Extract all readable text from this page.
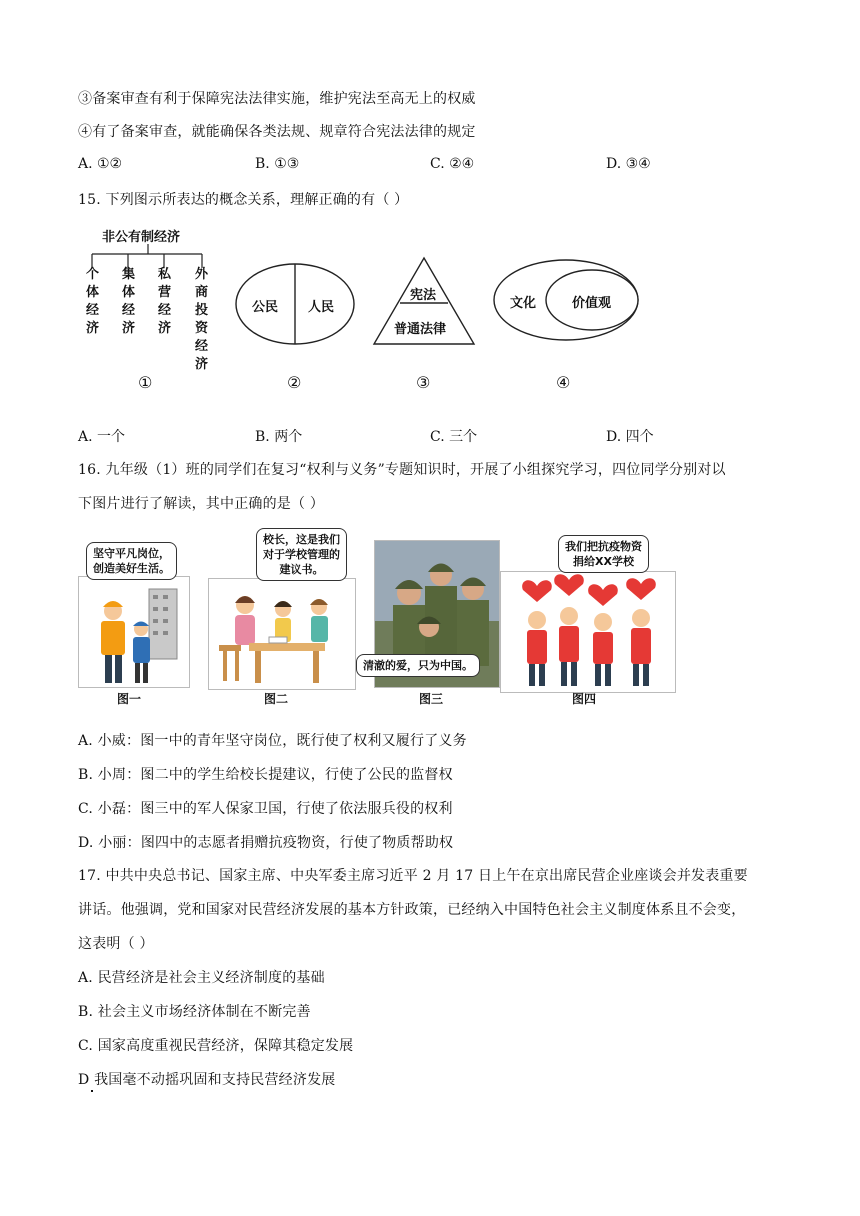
③备案审查有利于保障宪法法律实施，维护宪法至高无上的权威
④有了备案审查，就能确保各类法规、规章符合宪法法律的规定
A. ①②	B. ①③	C. ②④	D. ③④
15. 下列图示所表达的概念关系，理解正确的有（ ）
非公有制经济
个体经济
集体经济
私营经济
外商投资经济
①
公民 人民
②
宪法
普通法律
③
文化	价值观
④
A. 一个	B. 两个	C. 三个	D. 四个
16. 九年级（1）班的同学们在复习“权利与义务”专题知识时，开展了小组探究学习，四位同学分别对以
下图片进行了解读，其中正确的是（ ）
坚守平凡岗位，
创造美好生活。
图一
校长，这是我们
对于学校管理的
建议书。
图二
清澈的爱，只为中国。
图三
我们把抗疫物资
捐给XX学校
图四
A. 小威：图一中的青年坚守岗位，既行使了权利又履行了义务
B. 小周：图二中的学生给校长提建议，行使了公民的监督权
C. 小磊：图三中的军人保家卫国，行使了依法服兵役的权利
D. 小丽：图四中的志愿者捐赠抗疫物资，行使了物质帮助权
17. 中共中央总书记、国家主席、中央军委主席习近平 2 月 17 日上午在京出席民营企业座谈会并发表重要
讲话。他强调，党和国家对民营经济发展的基本方针政策，已经纳入中国特色社会主义制度体系且不会变，
这表明（ ）
A. 民营经济是社会主义经济制度的基础
B. 社会主义市场经济体制在不断完善
C. 国家高度重视民营经济，保障其稳定发展
D 我国毫不动摇巩固和支持民营经济发展
